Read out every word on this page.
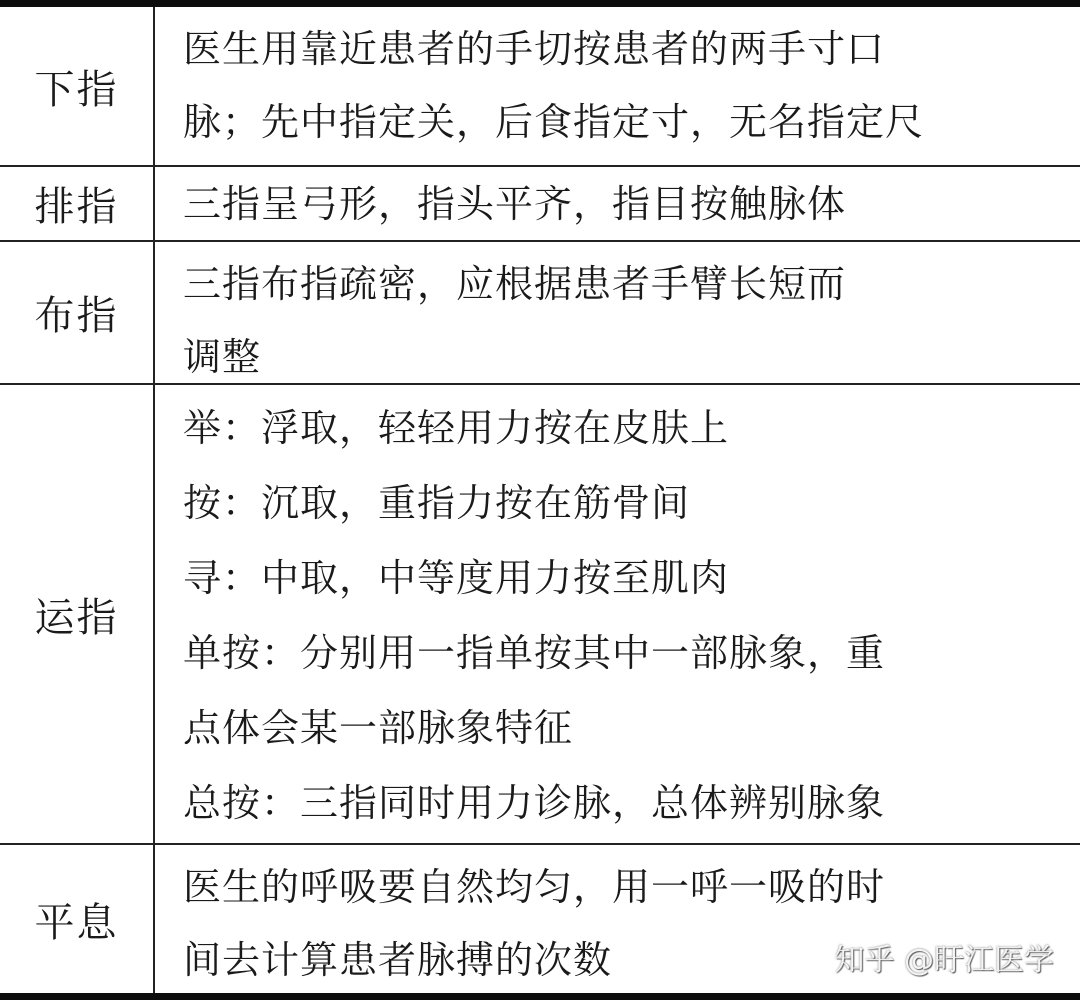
下指
医生用靠近患者的手切按患者的两手寸口
脉；先中指定关，后食指定寸，无名指定尺
排指 三指呈弓形，指头平齐，指目按触脉体
布指
三指布指疏密，应根据患者手臂长短而
调整
运指
举：浮取，轻轻用力按在皮肤上
按：沉取，重指力按在筋骨间
寻：中取，中等度用力按至肌肉
单按：分别用一指单按其中一部脉象，重
点体会某一部脉象特征
总按：三指同时用力诊脉，总体辨别脉象
平息
医生的呼吸要自然均匀，用一呼一吸的时
间去计算患者脉搏的次数	知乎 @盱江医学
